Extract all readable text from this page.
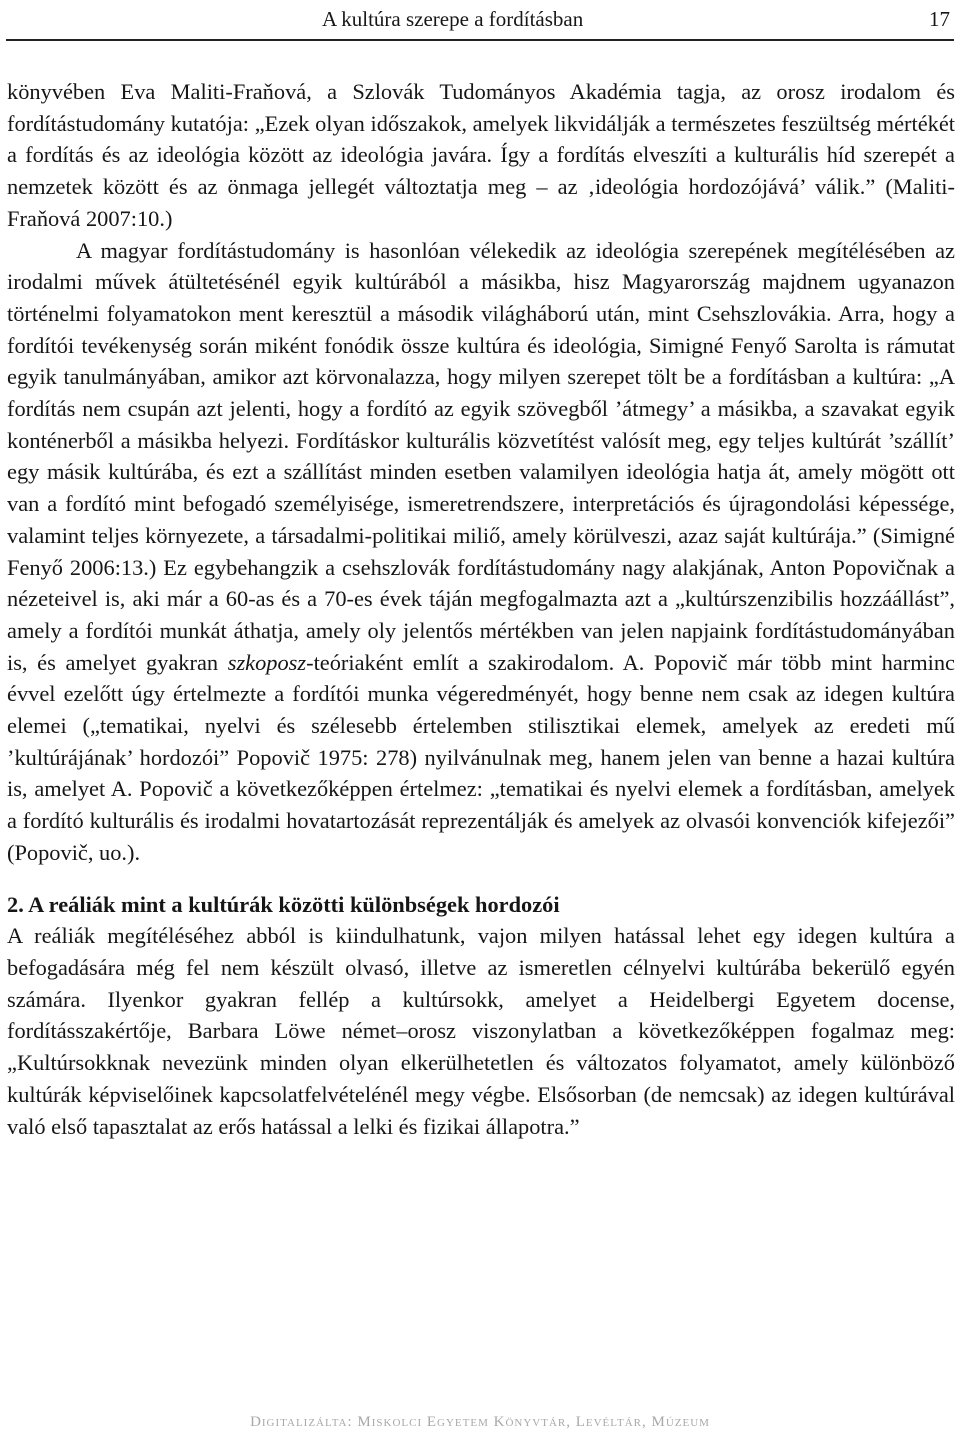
A kultúra szerepe a fordításban	17

könyvében Eva Maliti-Fraňová, a Szlovák Tudományos Akadémia tagja, az orosz irodalom és fordítástudomány kutatója: „Ezek olyan időszakok, amelyek likvidálják a természetes feszültség mértékét a fordítás és az ideológia között az ideológia javára. Így a fordítás elveszíti a kulturális híd szerepét a nemzetek között és az önmaga jellegét változtatja meg – az ‚ideológia hordozójává’ válik.” (Maliti-Fraňová 2007:10.)

A magyar fordítástudomány is hasonlóan vélekedik az ideológia szerepének megítélésében az irodalmi művek átültetésénél egyik kultúrából a másikba, hisz Magyarország majdnem ugyanazon történelmi folyamatokon ment keresztül a második világháború után, mint Csehszlovákia. Arra, hogy a fordítói tevékenység során miként fonódik össze kultúra és ideológia, Simigné Fenyő Sarolta is rámutat egyik tanulmányában, amikor azt körvonalazza, hogy milyen szerepet tölt be a fordításban a kultúra: „A fordítás nem csupán azt jelenti, hogy a fordító az egyik szövegből ’átmegy’ a másikba, a szavakat egyik konténerből a másikba helyezi. Fordításkor kulturális közvetítést valósít meg, egy teljes kultúrát ’szállít’ egy másik kultúrába, és ezt a szállítást minden esetben valamilyen ideológia hatja át, amely mögött ott van a fordító mint befogadó személyisége, ismeretrendszere, interpretációs és újragondolási képessége, valamint teljes környezete, a társadalmi-politikai miliő, amely körülveszi, azaz saját kultúrája.” (Simigné Fenyő 2006:13.) Ez egybehangzik a csehszlovák fordítástudomány nagy alakjának, Anton Popovičnak a nézeteivel is, aki már a 60-as és a 70-es évek táján megfogalmazta azt a „kultúrszenzibilis hozzáállást”, amely a fordítói munkát áthatja, amely oly jelentős mértékben van jelen napjaink fordítástudományában is, és amelyet gyakran szkoposz-teóriaként említ a szakirodalom. A. Popovič már több mint harminc évvel ezelőtt úgy értelmezte a fordítói munka végeredményét, hogy benne nem csak az idegen kultúra elemei („tematikai, nyelvi és szélesebb értelemben stilisztikai elemek, amelyek az eredeti mű ’kultúrájának’ hordozói” Popovič 1975: 278) nyilvánulnak meg, hanem jelen van benne a hazai kultúra is, amelyet A. Popovič a következőképpen értelmez: „tematikai és nyelvi elemek a fordításban, amelyek a fordító kulturális és irodalmi hovatartozását reprezentálják és amelyek az olvasói konvenciók kifejezői” (Popovič, uo.).

2. A reáliák mint a kultúrák közötti különbségek hordozói

A reáliák megítéléséhez abból is kiindulhatunk, vajon milyen hatással lehet egy idegen kultúra a befogadására még fel nem készült olvasó, illetve az ismeretlen célnyelvi kultúrába bekerülő egyén számára. Ilyenkor gyakran fellép a kultúrsokk, amelyet a Heidelbergi Egyetem docense, fordításszakértője, Barbara Löwe német–orosz viszonylatban a következőképpen fogalmaz meg: „Kultúrsokknak nevezünk minden olyan elkerülhetetlen és változatos folyamatot, amely különböző kultúrák képviselőinek kapcsolatfelvételénél megy végbe. Elsősorban (de nemcsak) az idegen kultúrával való első tapasztalat az erős hatással a lelki és fizikai állapotra.”

Digitalizálta: Miskolci Egyetem Könyvtár, Levéltár, Múzeum
